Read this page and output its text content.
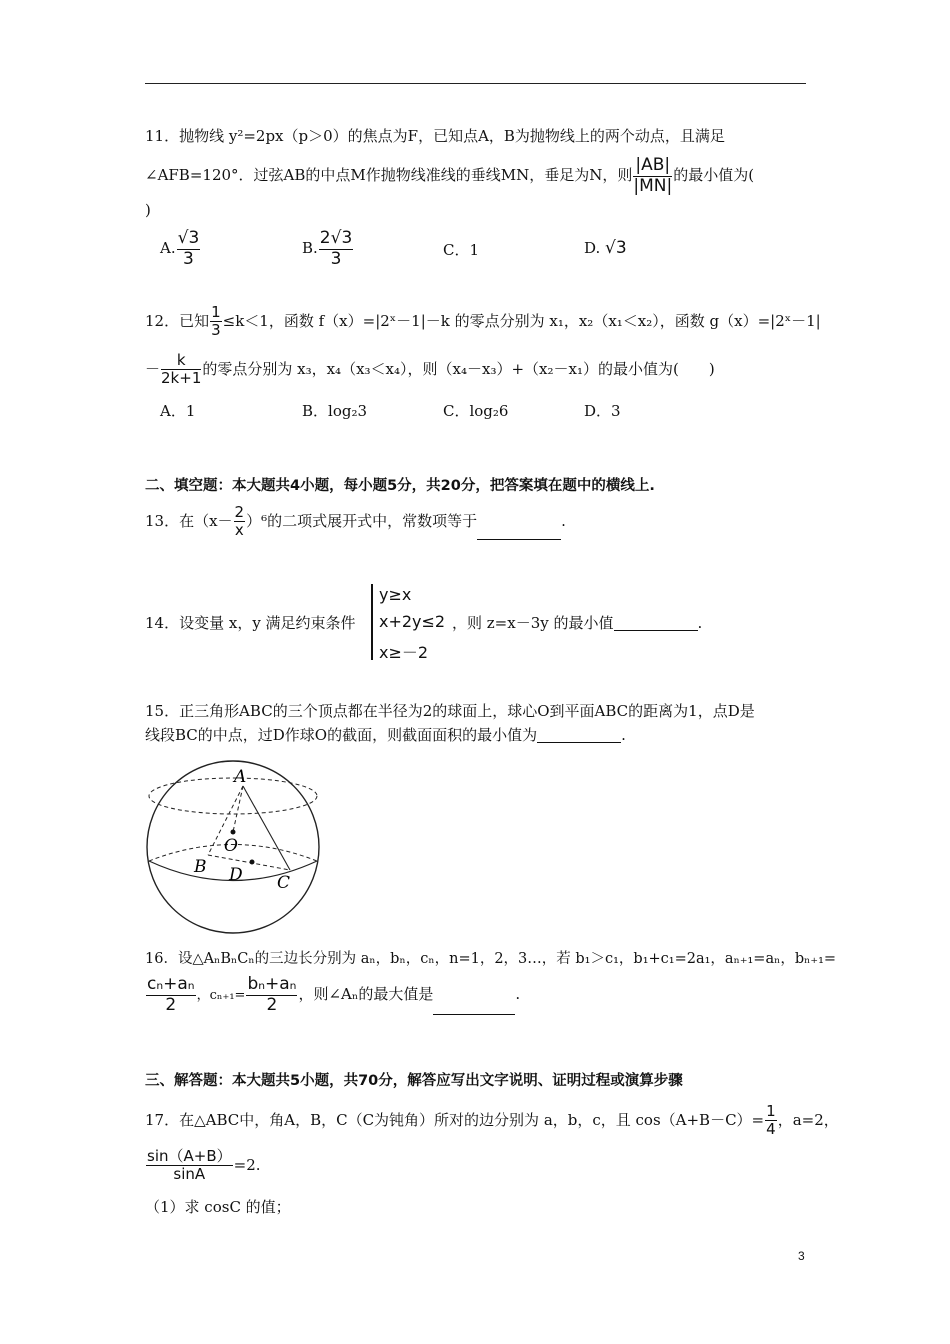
11．抛物线 y²=2px（p＞0）的焦点为F，已知点A，B为抛物线上的两个动点，且满足
∠AFB=120°．过弦AB的中点M作抛物线准线的垂线MN，垂足为N，则 $\frac{|AB|}{|MN|}$ 的最小值为(
)
A. $\frac{√3}{3}$	B. $\frac{2√3}{3}$	C．1	D. √3
12．已知 $\frac{1}{3} \le k<1$，函数 f（x）=|2ˣ－1|－k 的零点分别为 x₁，x₂（x₁＜x₂），函数 g（x）=|2ˣ－1|
－ $\frac{k}{2k+1}$ 的零点分别为 x₃，x₄（x₃＜x₄），则（x₄－x₃）+（x₂－x₁）的最小值为(　　)
A．1	B．log₂3	C．log₂6	D．3
二、填空题：本大题共4小题，每小题5分，共20分，把答案填在题中的横线上.
13．在$(x- \frac{2}{x} )^6$的二项式展开式中，常数项等于	.
14．设变量 x，y 满足约束条件
y≥x
x+2y≤2
x≥－2
，则 z=x－3y 的最小值	.
15．正三角形ABC的三个顶点都在半径为2的球面上，球心O到平面ABC的距离为1，点D是
线段BC的中点，过D作球O的截面，则截面面积的最小值为	.
A
O
B D C
16．设△AₙBₙCₙ的三边长分别为 aₙ，bₙ，cₙ，n=1，2，3…，若 b₁＞c₁，b₁+c₁=2a₁，aₙ₊₁=aₙ，bₙ₊₁=
$\frac{\text{cₙ+aₙ}}{2}$ ，$c_{n+1}= \frac{\text{bₙ+aₙ}}{2}$ ，则∠Aₙ的最大值是	.
三、解答题：本大题共5小题，共70分，解答应写出文字说明、证明过程或演算步骤
17．在△ABC中，角A，B，C（C为钝角）所对的边分别为 a，b，c，且 $\cos(A+B-C)= \frac{1}{4}$ ，a=2，
$\frac{\sin(A+B)}{\sin A} =2$.
（1）求 cosC 的值；
3
